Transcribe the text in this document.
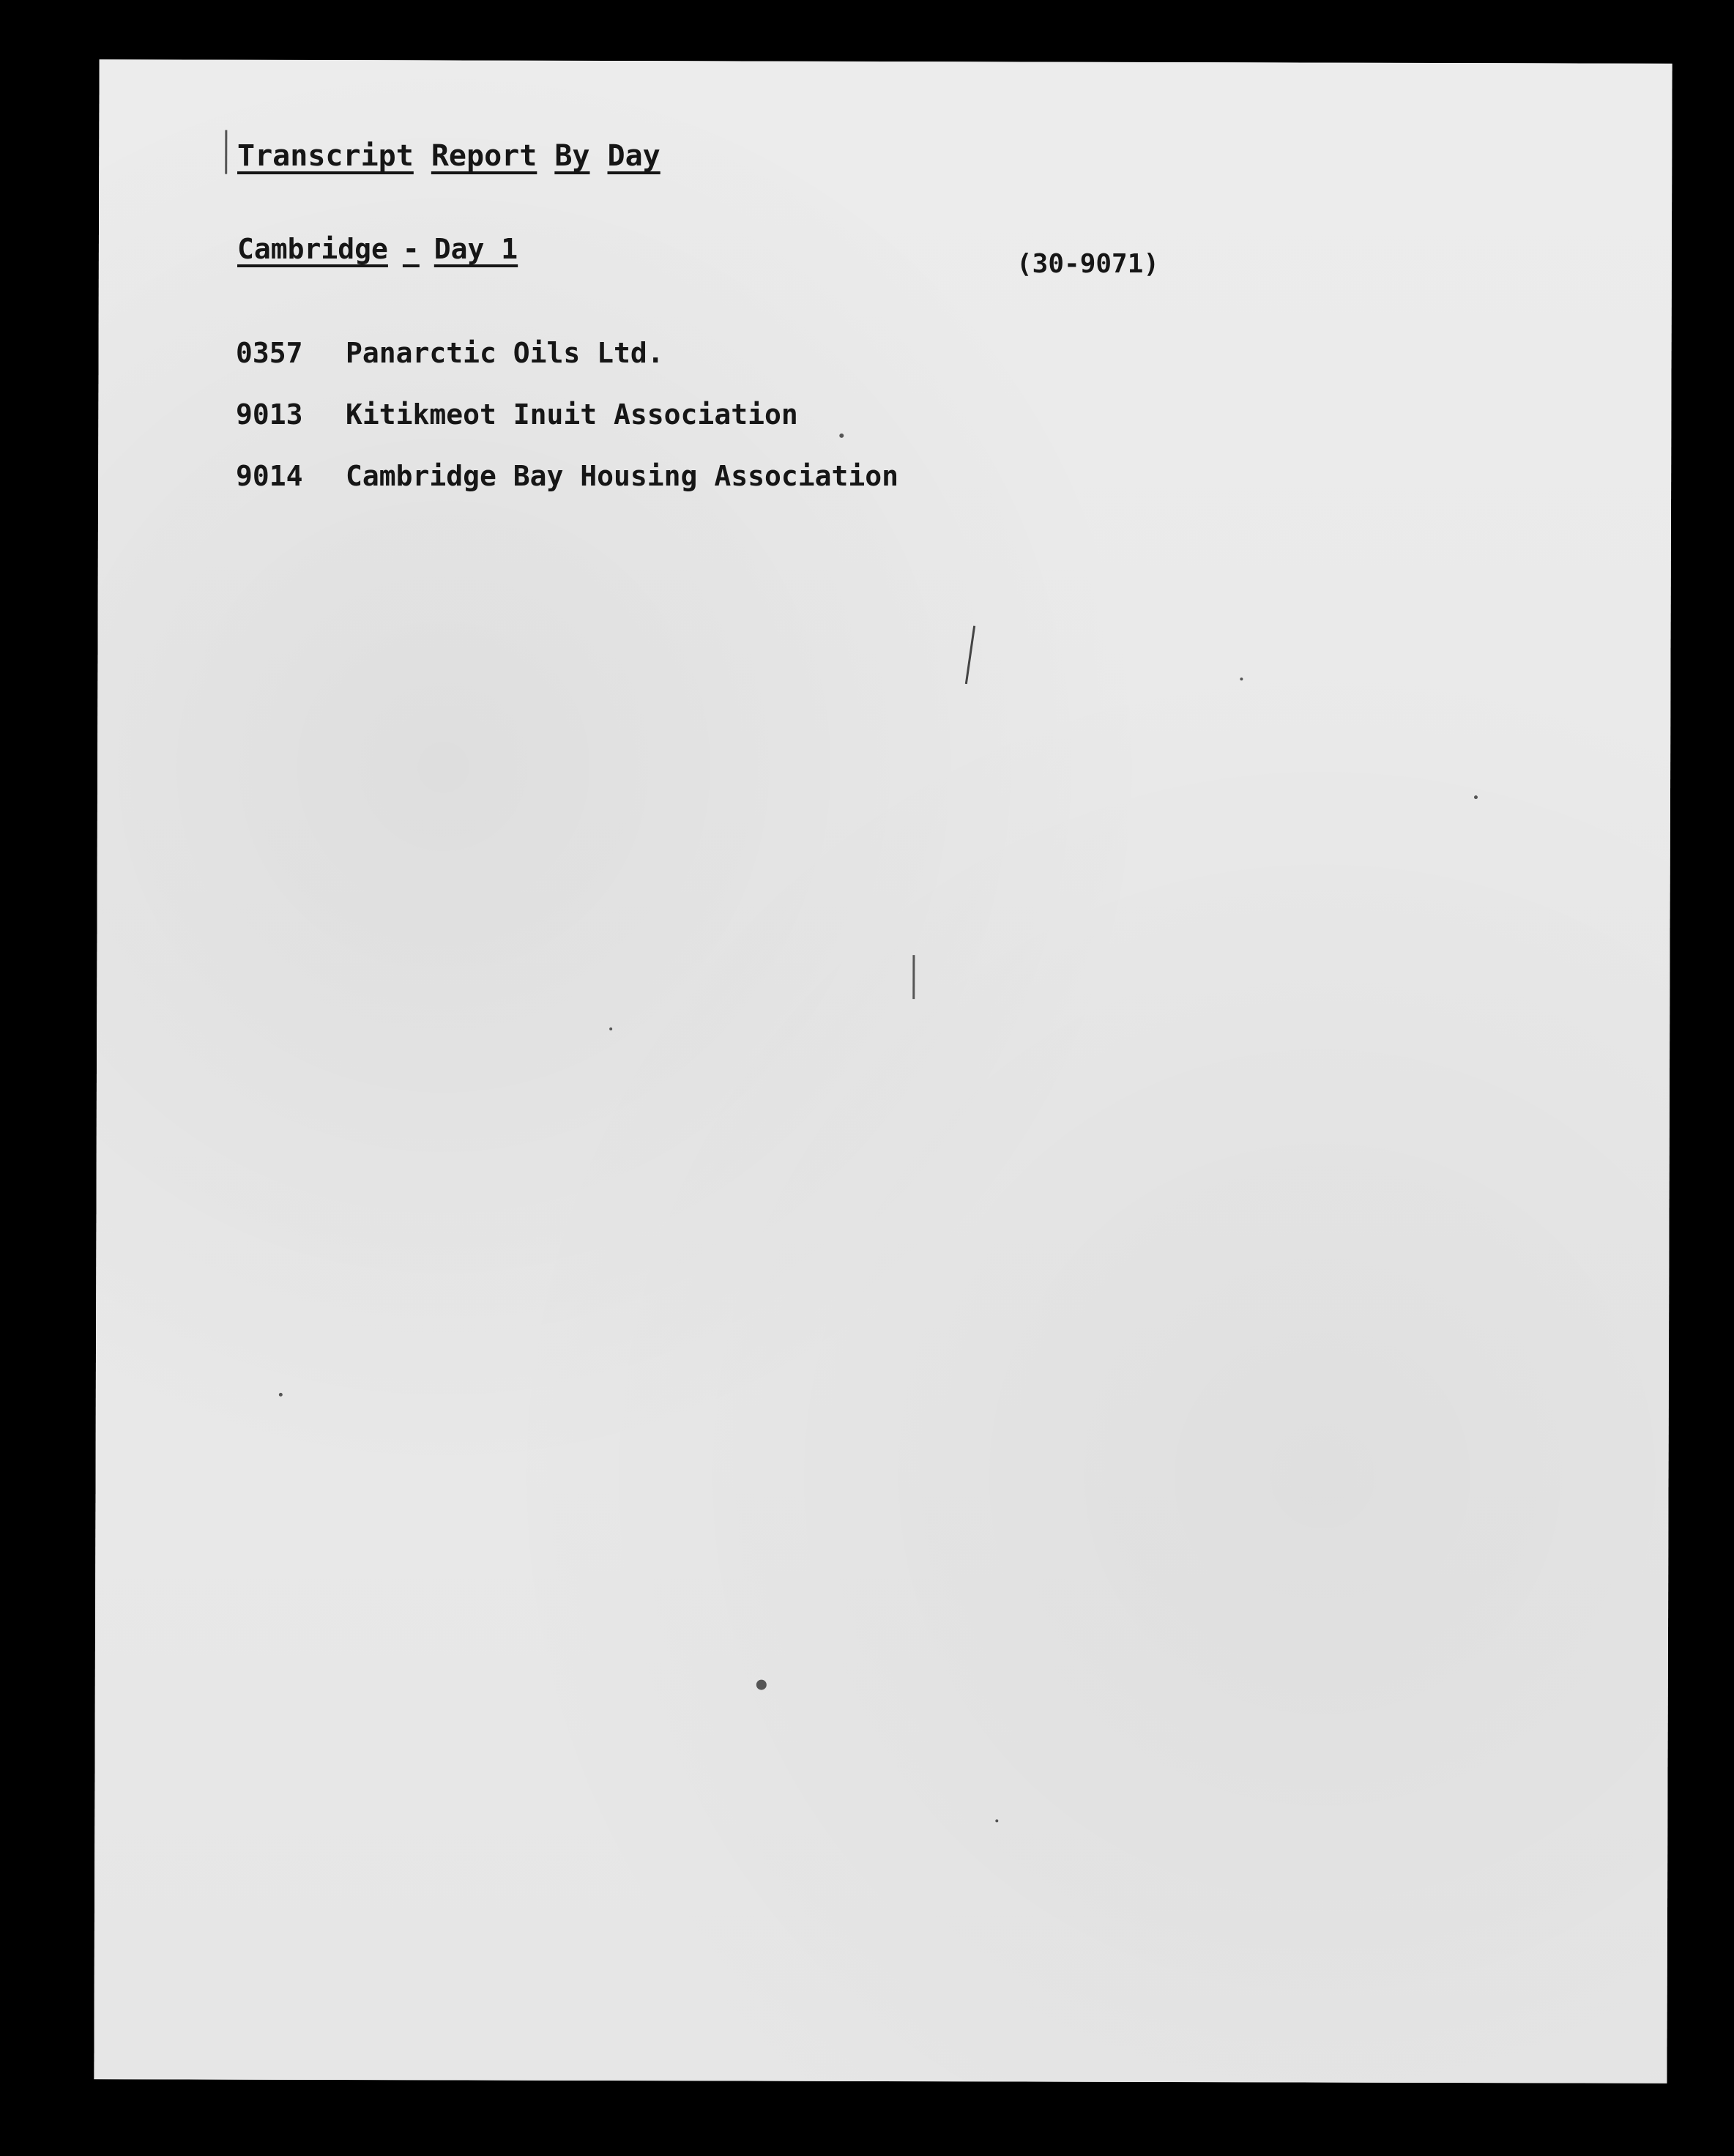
Transcript Report By Day
Cambridge - Day 1	(30-9071)
0357	Panarctic Oils Ltd.
9013	Kitikmeot Inuit Association
9014	Cambridge Bay Housing Association
